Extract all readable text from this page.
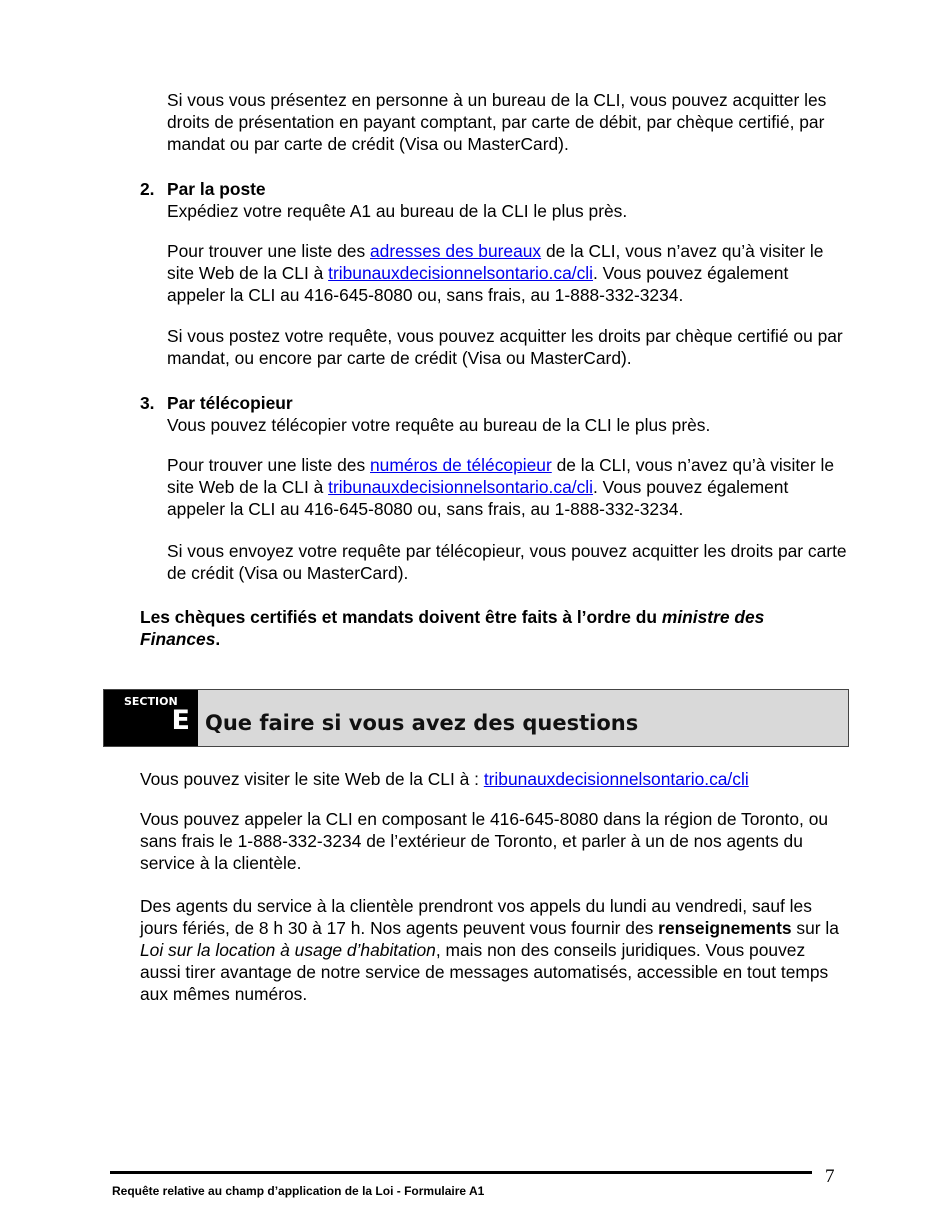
Si vous vous présentez en personne à un bureau de la CLI, vous pouvez acquitter les droits de présentation en payant comptant, par carte de débit, par chèque certifié, par mandat ou par carte de crédit (Visa ou MasterCard).

2. Par la poste

Expédiez votre requête A1 au bureau de la CLI le plus près.

Pour trouver une liste des adresses des bureaux de la CLI, vous n’avez qu’à visiter le site Web de la CLI à tribunauxdecisionnelsontario.ca/cli. Vous pouvez également appeler la CLI au 416-645-8080 ou, sans frais, au 1-888-332-3234.

Si vous postez votre requête, vous pouvez acquitter les droits par chèque certifié ou par mandat, ou encore par carte de crédit (Visa ou MasterCard).

3. Par télécopieur

Vous pouvez télécopier votre requête au bureau de la CLI le plus près.

Pour trouver une liste des numéros de télécopieur de la CLI, vous n’avez qu’à visiter le site Web de la CLI à tribunauxdecisionnelsontario.ca/cli. Vous pouvez également appeler la CLI au 416-645-8080 ou, sans frais, au 1-888-332-3234.

Si vous envoyez votre requête par télécopieur, vous pouvez acquitter les droits par carte de crédit (Visa ou MasterCard).

Les chèques certifiés et mandats doivent être faits à l’ordre du ministre des Finances.

SECTION
E Que faire si vous avez des questions

Vous pouvez visiter le site Web de la CLI à : tribunauxdecisionnelsontario.ca/cli

Vous pouvez appeler la CLI en composant le 416-645-8080 dans la région de Toronto, ou sans frais le 1-888-332-3234 de l’extérieur de Toronto, et parler à un de nos agents du service à la clientèle.

Des agents du service à la clientèle prendront vos appels du lundi au vendredi, sauf les jours fériés, de 8 h 30 à 17 h. Nos agents peuvent vous fournir des renseignements sur la Loi sur la location à usage d’habitation, mais non des conseils juridiques. Vous pouvez aussi tirer avantage de notre service de messages automatisés, accessible en tout temps aux mêmes numéros.

Requête relative au champ d’application de la Loi - Formulaire A1
7
